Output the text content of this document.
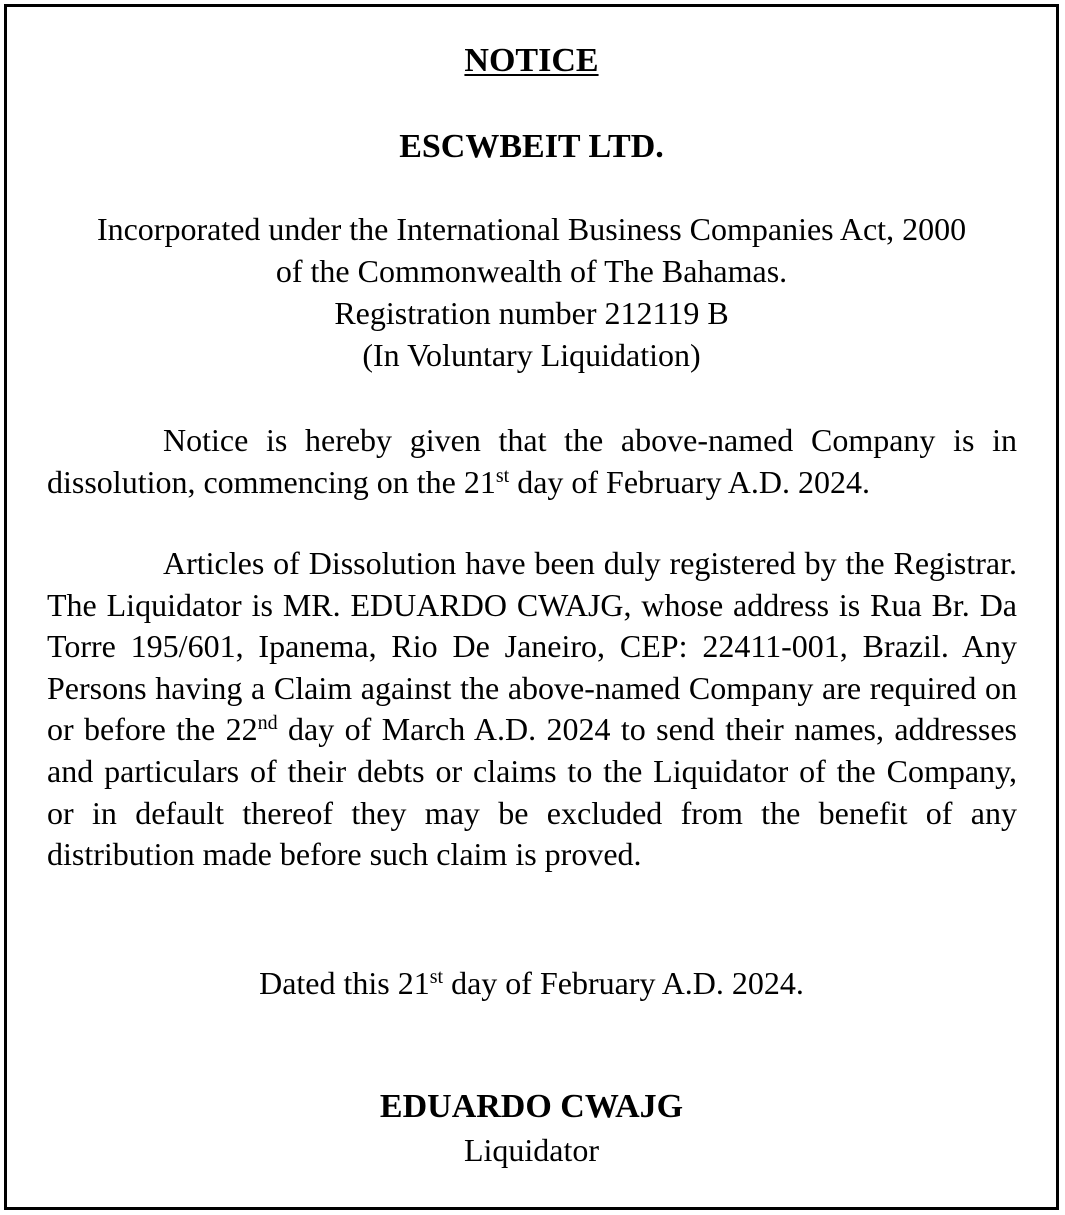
NOTICE
ESCWBEIT LTD.
Incorporated under the International Business Companies Act, 2000
of the Commonwealth of The Bahamas.
Registration number 212119 B
(In Voluntary Liquidation)

Notice is hereby given that the above-named Company is in dissolution, commencing on the 21st day of February A.D. 2024.

Articles of Dissolution have been duly registered by the Registrar. The Liquidator is MR. EDUARDO CWAJG, whose address is Rua Br. Da Torre 195/601, Ipanema, Rio De Janeiro, CEP: 22411-001, Brazil. Any Persons having a Claim against the above-named Company are required on or before the 22nd day of March A.D. 2024 to send their names, addresses and particulars of their debts or claims to the Liquidator of the Company, or in default thereof they may be excluded from the benefit of any distribution made before such claim is proved.

Dated this 21st day of February A.D. 2024.

EDUARDO CWAJG
Liquidator
